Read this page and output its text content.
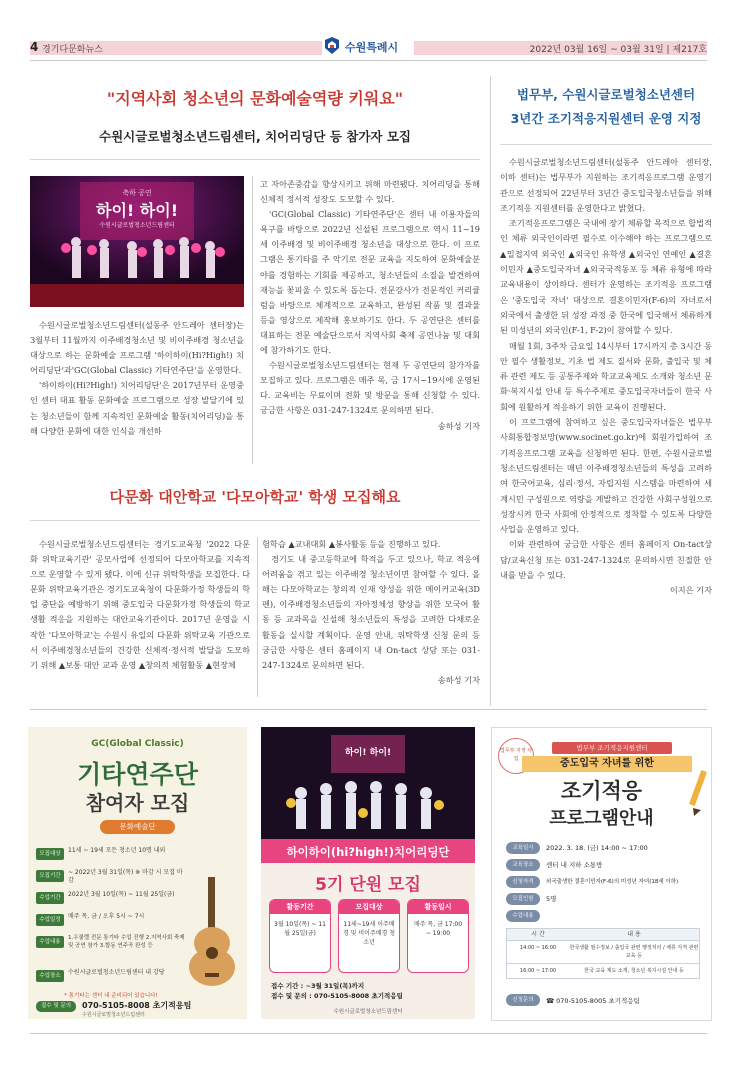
4 경기다문화뉴스	수원특례시	2022년 03월 16일 ~ 03월 31일 | 제217호
"지역사회 청소년의 문화예술역량 키워요"
수원시글로벌청소년드림센터, 치어리딩단 등 참가자 모집
축하 공연
하이! 하이!
수원시글로벌청소년드림센터

수원시글로벌청소년드림센터(설동주 안드레아 센터장)는 3월부터 11월까지 이주배경청소년 및 비이주배경 청소년을 대상으로 하는 문화예술 프로그램 '하이하이(Hi?High!) 치어리딩단'과'GC(Global Classic) 기타연주단'을 운영한다.

'하이하이(Hi?High!) 치어리딩단'은 2017년부터 운영중인 센터 대표 활동 문화예술 프로그램으로 성장 발달기에 있는 청소년들이 함께 지속적인 문화예술 활동(치어리딩)을 통해 다양한 문화에 대한 인식을 개선하

고 자아존중감을 향상시키고 위해 마련됐다. 치어리딩을 통해 신체적 정서적 성장도 도모할 수 있다.

'GC(Global Classic) 기타연주단'은 센터 내 이용자들의 욕구를 바탕으로 2022년 신설된 프로그램으로 역시 11~19세 이주배경 및 비이주배경 청소년을 대상으로 한다. 이 프로그램은 통기타를 주 악기로 전문 교육을 지도하여 문화예술분야를 경험하는 기회를 제공하고, 청소년들의 소질을 발견하여 재능을 꽃피울 수 있도록 돕는다. 전문강사가 전문적인 커리큘럼을 바탕으로 체계적으로 교육하고, 완성된 작품 및 결과물 등을 영상으로 제작해 홍보하기도 한다. 두 공연단은 센터를 대표하는 전문 예술단으로서 지역사회 축제 공연나눔 및 대회에 참가하기도 한다.

수원시글로벌청소년드림센터는 현재 두 공연단의 참가자를 모집하고 있다. 프로그램은 매주 목, 금 17시~19시에 운영된다. 교육비는 무료이며 전화 및 방문을 통해 신청할 수 있다. 궁금한 사항은 031-247-1324로 문의하면 된다.

송하성 기자
다문화 대안학교 '다모아학교' 학생 모집해요

수원시글로벌청소년드림센터는 경기도교육청 '2022 다문화 위탁교육기관' 공모사업에 선정되어 다모아학교를 지속적으로 운영할 수 있게 됐다. 이에 신규 위탁학생을 모집한다. 다문화 위탁교육기관은 경기도교육청이 다문화가정 학생들의 학업 중단을 예방하기 위해 중도입국 다문화가정 학생들의 학교생활 적응을 지원하는 대안교육기관이다. 2017년 운영을 시작한 '다모아학교'는 수원시 유일의 다문화 위탁교육 기관으로서 이주배경청소년들의 건강한 신체적·정서적 발달을 도모하기 위해 ▲보통 대안 교과 운영 ▲창의적 체험활동 ▲현장체

험학습 ▲교내대회 ▲봉사활동 등을 진행하고 있다.

경기도 내 중고등학교에 학적을 두고 있으나, 학교 적응에 어려움을 겪고 있는 이주배경 청소년이면 참여할 수 있다. 올해는 다모아학교는 창의적 인재 양성을 위한 메이커교육(3D펜), 이주배경청소년들의 자아정체성 향상을 위한 모국어 활동 등 교과목을 신설해 청소년들의 특성을 고려한 다채로운 활동을 실시할 계획이다. 운영 안내, 위탁학생 신청 문의 등 궁금한 사항은 센터 홈페이지 내 On-tact 상담 또는 031-247-1324로 문의하면 된다.

송하성 기자
법무부, 수원시글로벌청소년센터
3년간 조기적응지원센터 운영 지정

수원시글로벌청소년드림센터(설동주 안드레아 센터장, 이하 센터)는 법무부가 지원하는 조기적응프로그램 운영기관으로 선정되어 22년부터 3년간 중도입국청소년들을 위해 조기적응 지원센터를 운영한다고 밝혔다.

조기적응프로그램은 국내에 장기 체류할 목적으로 합법적인 체류 외국인이라면 필수로 이수해야 하는 프로그램으로 ▲밀접지역 외국인 ▲외국인 유학생 ▲외국인 연예인 ▲결혼이민자 ▲중도입국자녀 ▲외국국적동포 등 체류 유형에 따라 교육내용이 상이하다. 센터가 운영하는 조기적응 프로그램은 '중도입국 자녀' 대상으로 결혼이민자(F-6)의 자녀로서 외국에서 출생한 뒤 성장 과정 중 한국에 입국해서 체류하게 된 미성년의 외국인(F-1, F-2)이 참여할 수 있다.

매월 1회, 3주차 금요일 14시부터 17시까지 총 3시간 동안 필수 생활정보, 기초 법 제도 질서와 문화, 출입국 및 체류 관련 제도 등 공통주제와 학교교육제도 소개와 청소년 문화·복지시설 안내 등 특수주제로 중도입국자녀들이 한국 사회에 원활하게 적응하기 위한 교육이 진행된다.

이 프로그램에 참여하고 싶은 중도입국자녀들은 법무부 사회통합정보망(www.socinet.go.kr)에 회원가입하여 조기적응프로그램 교육을 신청하면 된다. 한편, 수원시글로벌청소년드림센터는 매년 이주배경청소년들의 특성을 고려하여 한국어교육, 심리·정서, 자립지원 시스템을 마련하여 세계시민 구성원으로 역량을 계발하고 건강한 사회구성원으로 성장시켜 한국 사회에 안정적으로 정착할 수 있도록 다양한 사업을 운영하고 있다.

이와 관련하여 궁금한 사항은 센터 홈페이지 On-tact상담/교육신청 또는 031-247-1324로 문의하시면 친절한 안내를 받을 수 있다.

이지은 기자
GC(Global Classic)
기타연주단
참여자 모집
문화예술단
모집대상	11세 ~ 19세 모든 청소년 10명 내외
모집기간	~ 2022년 3월 31일(목) ※ 마감 시 모집 마감
수업기간	2022년 3월 10일(목) ~ 11월 25일(금)
수업일정	매주 목, 금 / 오후 5시 ~ 7시
수업내용
1.우쿨렐 전문 통기타 수업 진행 2.지역사회 축제 및 공연 참가 3.합동 연주곡 완성 등
수업장소	수원시글로벌청소년드림센터 내 강당
* 통기타는 센터 내 준비되어 있습니다!
접수 및 문의	070-5105-8008 초기적응팀
수원시글로벌청소년드림센터
하이! 하이!
하이하이(hi?high!)치어리딩단
5기 단원 모집
활동기간
3월 10일(목) ~ 11월 25일(금)
모집대상
11세~19세 이주배경 및 비이주배경 청소년
활동일시
매주 목, 금 17:00 ~ 19:00
접수 기간 : ~3월 31일(목)까지
접수 및 문의 : 070-5105-8008 초기적응팀
수원시글로벌청소년드림센터
법무부 지정 사업
법무부 조기적응지원센터
중도입국 자녀를 위한
조기적응
프로그램안내
교육일시	2022. 3. 18. (금) 14:00 ~ 17:00
교육장소	센터 내 지하 소통방
신청자격	외국출생한 결혼이민자(F-6)의 미성년 자녀(18세 이하)
모집인원	5명
수업내용
시 간	내 용
14:00 ~ 16:00	한국생활 필수정보 / 출입국 관련 행정처리 / 체류 자격 관련 교육 등
16:00 ~ 17:00	한국 교육 제도 소개, 청소년 복지시설 안내 등
신청문의	☎ 070-5105-8005 초기적응팀
